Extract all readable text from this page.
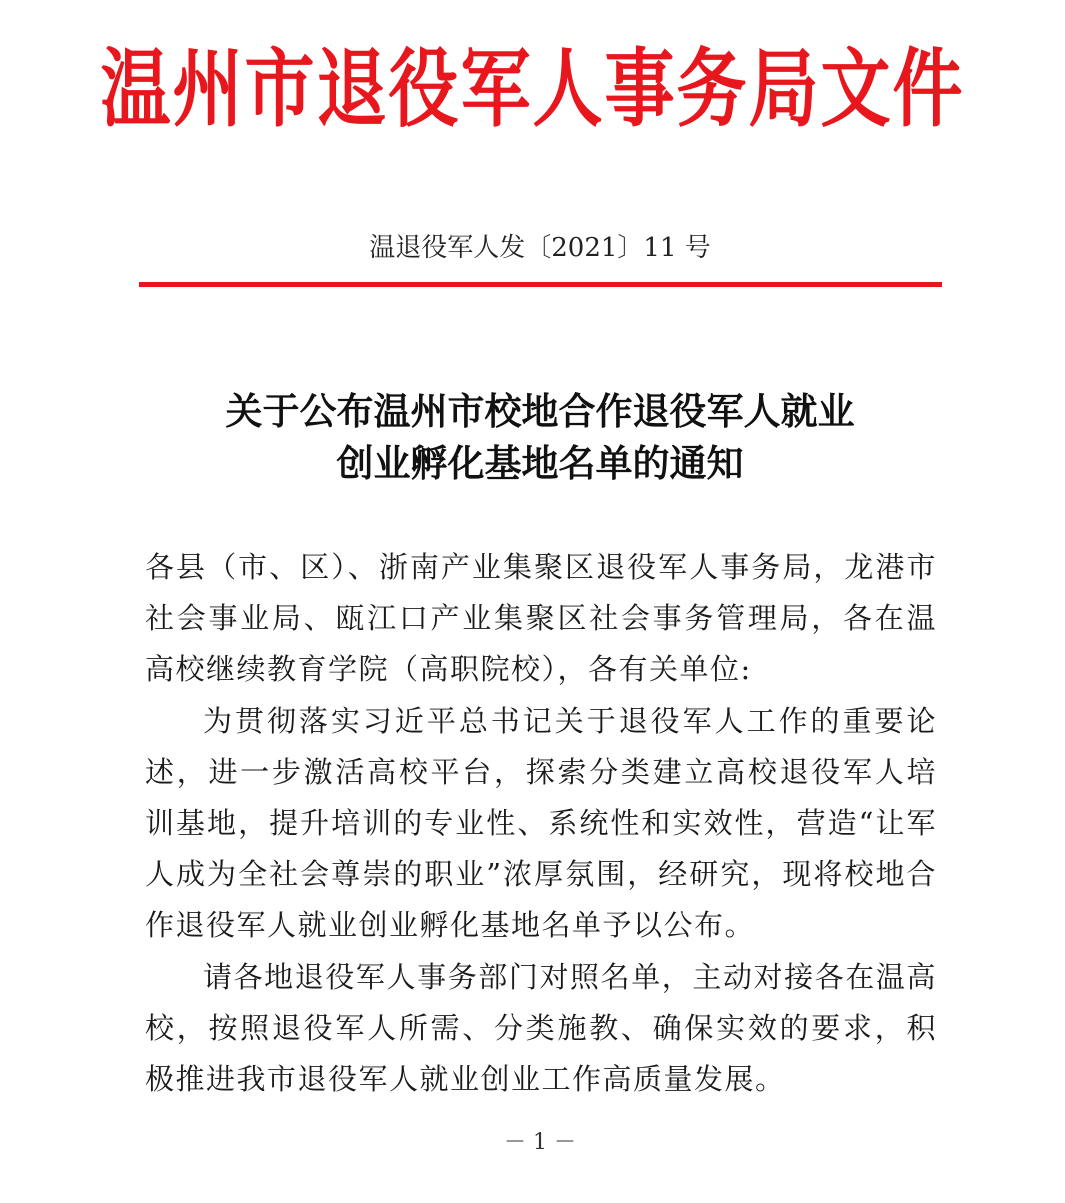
温州市退役军人事务局文件
温退役军人发〔2021〕11 号
关于公布温州市校地合作退役军人就业
创业孵化基地名单的通知

各县（市、区）、浙南产业集聚区退役军人事务局，龙港市社会事业局、瓯江口产业集聚区社会事务管理局，各在温高校继续教育学院（高职院校），各有关单位:

为贯彻落实习近平总书记关于退役军人工作的重要论述，进一步激活高校平台，探索分类建立高校退役军人培训基地，提升培训的专业性、系统性和实效性，营造“让军人成为全社会尊崇的职业”浓厚氛围，经研究，现将校地合作退役军人就业创业孵化基地名单予以公布。

请各地退役军人事务部门对照名单，主动对接各在温高校，按照退役军人所需、分类施教、确保实效的要求，积极推进我市退役军人就业创业工作高质量发展。

－ 1 －
